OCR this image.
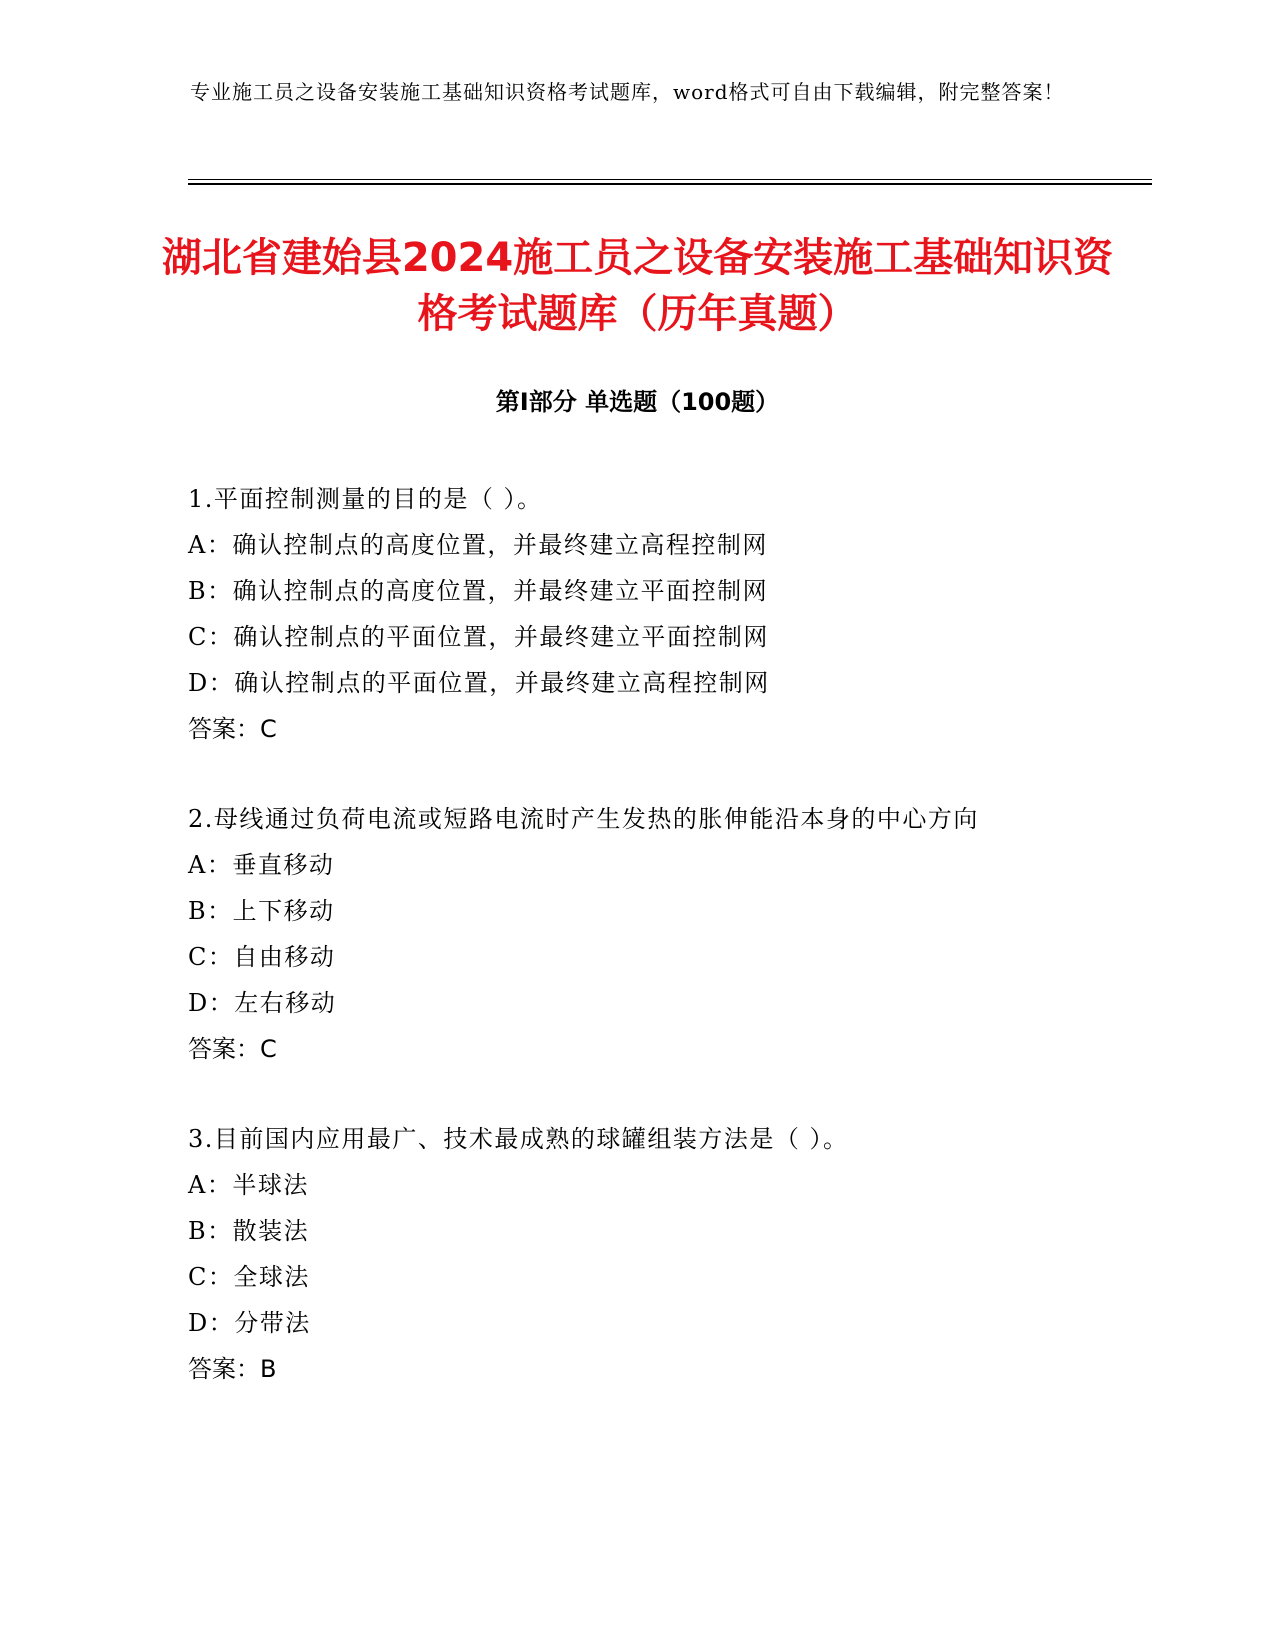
专业施工员之设备安装施工基础知识资格考试题库，word格式可自由下载编辑，附完整答案！
湖北省建始县2024施工员之设备安装施工基础知识资格考试题库（历年真题）
第I部分 单选题（100题）
1.平面控制测量的目的是（ ）。
A：确认控制点的高度位置，并最终建立高程控制网
B：确认控制点的高度位置，并最终建立平面控制网
C：确认控制点的平面位置，并最终建立平面控制网
D：确认控制点的平面位置，并最终建立高程控制网
答案：C
2.母线通过负荷电流或短路电流时产生发热的胀伸能沿本身的中心方向
A：垂直移动
B：上下移动
C：自由移动
D：左右移动
答案：C
3.目前国内应用最广、技术最成熟的球罐组装方法是（ ）。
A：半球法
B：散装法
C：全球法
D：分带法
答案：B
